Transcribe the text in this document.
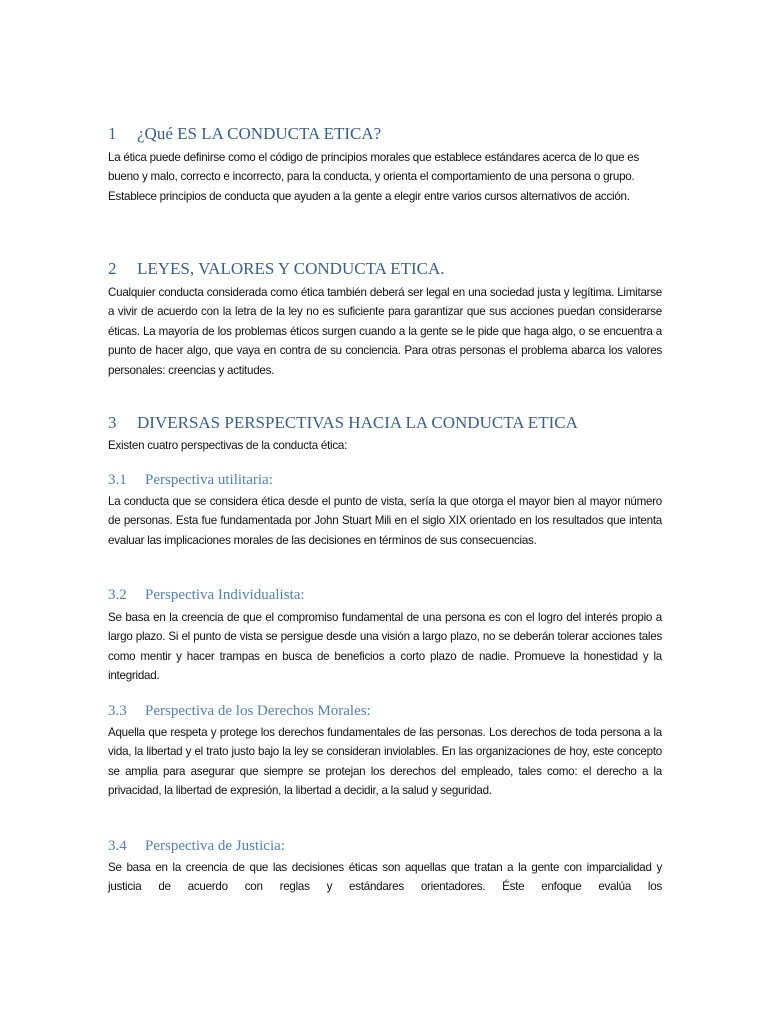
1 ¿Qué ES LA CONDUCTA ETICA?
La ética puede definirse como el código de principios morales que establece estándares acerca de lo que es bueno y malo, correcto e incorrecto, para la conducta, y orienta el comportamiento de una persona o grupo. Establece principios de conducta que ayuden a la gente a elegir entre varios cursos alternativos de acción.
2 LEYES, VALORES Y CONDUCTA ETICA.
Cualquier conducta considerada como ética también deberá ser legal en una sociedad justa y legítima. Limitarse a vivir de acuerdo con la letra de la ley no es suficiente para garantizar que sus acciones puedan considerarse éticas. La mayoría de los problemas éticos surgen cuando a la gente se le pide que haga algo, o se encuentra a punto de hacer algo, que vaya en contra de su conciencia. Para otras personas el problema abarca los valores personales: creencias y actitudes.
3 DIVERSAS PERSPECTIVAS HACIA LA CONDUCTA ETICA
Existen cuatro perspectivas de la conducta ética:
3.1 Perspectiva utilitaria:
La conducta que se considera ética desde el punto de vista, sería la que otorga el mayor bien al mayor número de personas. Esta fue fundamentada por John Stuart Mili en el siglo XIX orientado en los resultados que intenta evaluar las implicaciones morales de las decisiones en términos de sus consecuencias.
3.2 Perspectiva Individualista:
Se basa en la creencia de que el compromiso fundamental de una persona es con el logro del interés propio a largo plazo. Si el punto de vista se persigue desde una visión a largo plazo, no se deberán tolerar acciones tales como mentir y hacer trampas en busca de beneficios a corto plazo de nadie. Promueve la honestidad y la integridad.
3.3 Perspectiva de los Derechos Morales:
Aquella que respeta y protege los derechos fundamentales de las personas. Los derechos de toda persona a la vida, la libertad y el trato justo bajo la ley se consideran inviolables. En las organizaciones de hoy, este concepto se amplia para asegurar que siempre se protejan los derechos del empleado, tales como: el derecho a la privacidad, la libertad de expresión, la libertad a decidir, a la salud y seguridad.
3.4 Perspectiva de Justicia:
Se basa en la creencia de que las decisiones éticas son aquellas que tratan a la gente con imparcialidad y justicia de acuerdo con reglas y estándares orientadores. Éste enfoque evalúa los
